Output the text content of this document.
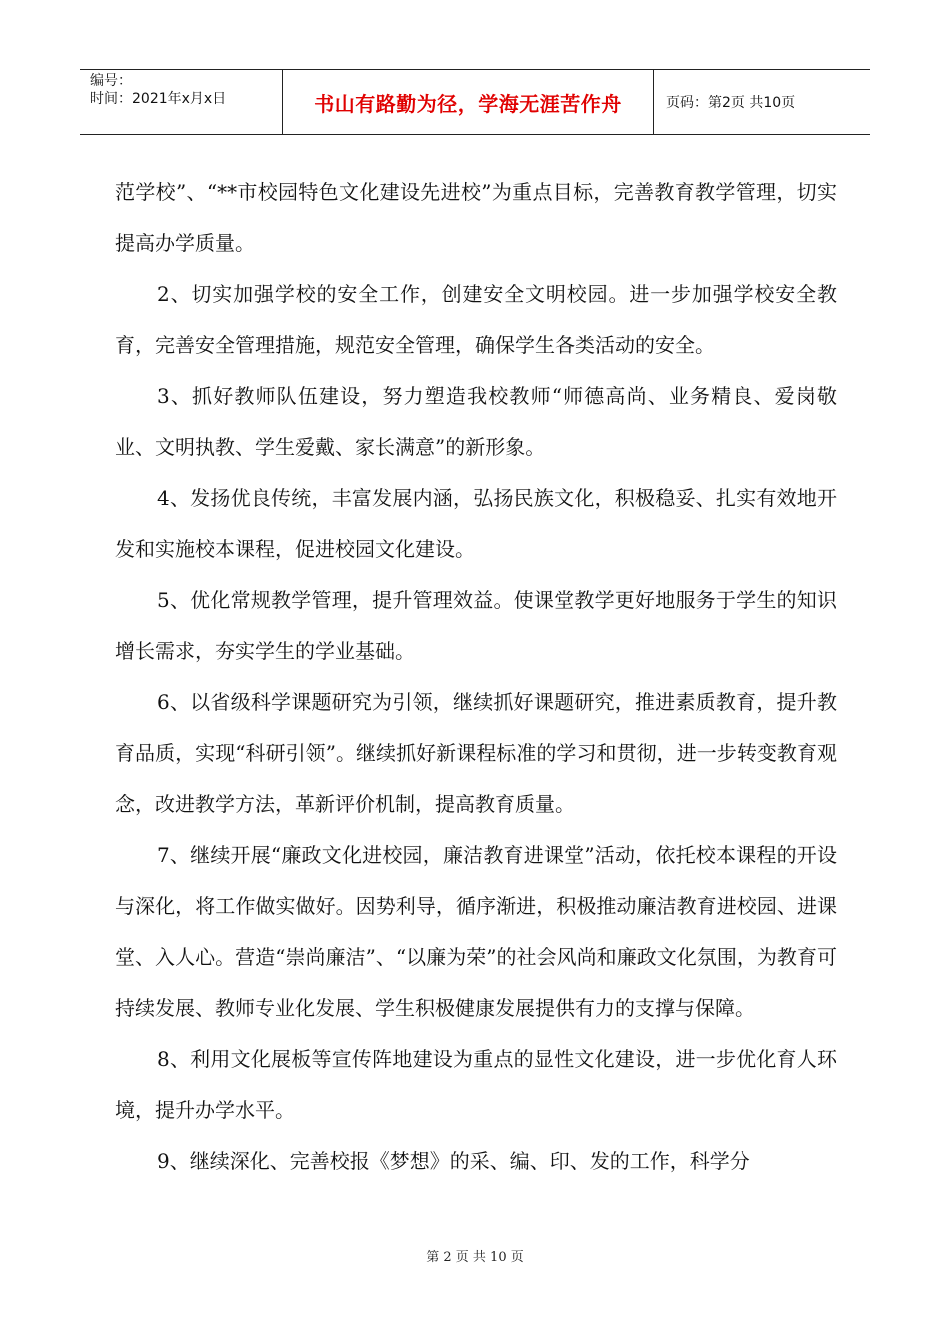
编号：
时间：2021年x月x日	书山有路勤为径，学海无涯苦作舟	页码：第2页 共10页

范学校”、“**市校园特色文化建设先进校”为重点目标，完善教育教学管理，切实提高办学质量。

2、切实加强学校的安全工作，创建安全文明校园。进一步加强学校安全教育，完善安全管理措施，规范安全管理，确保学生各类活动的安全。

3、抓好教师队伍建设，努力塑造我校教师“师德高尚、业务精良、爱岗敬业、文明执教、学生爱戴、家长满意”的新形象。

4、发扬优良传统，丰富发展内涵，弘扬民族文化，积极稳妥、扎实有效地开发和实施校本课程，促进校园文化建设。

5、优化常规教学管理，提升管理效益。使课堂教学更好地服务于学生的知识增长需求，夯实学生的学业基础。

6、以省级科学课题研究为引领，继续抓好课题研究，推进素质教育，提升教育品质，实现“科研引领”。继续抓好新课程标准的学习和贯彻，进一步转变教育观念，改进教学方法，革新评价机制，提高教育质量。

7、继续开展“廉政文化进校园，廉洁教育进课堂”活动，依托校本课程的开设与深化，将工作做实做好。因势利导，循序渐进，积极推动廉洁教育进校园、进课堂、入人心。营造“崇尚廉洁”、“以廉为荣”的社会风尚和廉政文化氛围，为教育可持续发展、教师专业化发展、学生积极健康发展提供有力的支撑与保障。

8、利用文化展板等宣传阵地建设为重点的显性文化建设，进一步优化育人环境，提升办学水平。

9、继续深化、完善校报《梦想》的采、编、印、发的工作，科学分

第 2 页 共 10 页
